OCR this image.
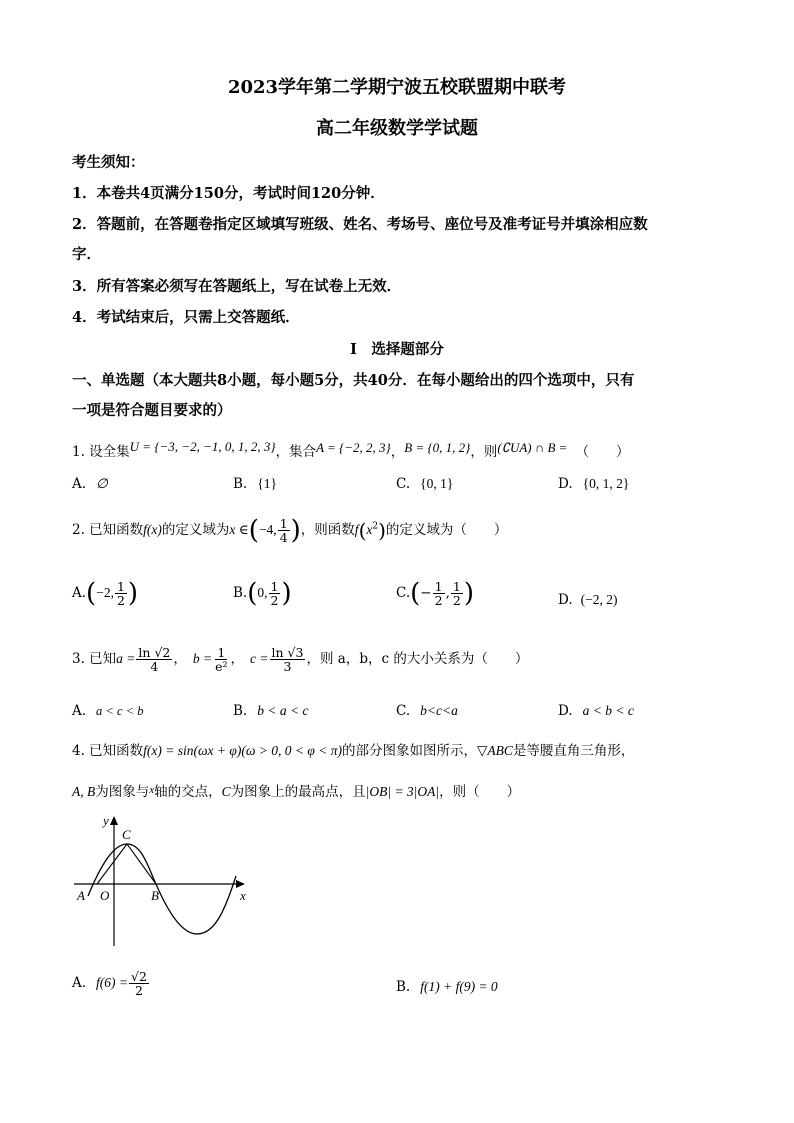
2023学年第二学期宁波五校联盟期中联考
高二年级数学学试题
考生须知：
1．本卷共4页满分150分，考试时间120分钟．
2．答题前，在答题卷指定区域填写班级、姓名、考场号、座位号及准考证号并填涂相应数
字．
3．所有答案必须写在答题纸上，写在试卷上无效．
4．考试结束后，只需上交答题纸．
I　选择题部分
一、单选题（本大题共8小题，每小题5分，共40分．在每小题给出的四个选项中，只有
一项是符合题目要求的）
1. 设全集U = {−3, −2, −1, 0, 1, 2, 3}，集合A = {−2, 2, 3}，B = {0, 1, 2}，则(∁UA) ∩ B = （　　）
A. ∅	B. {1}	C. {0, 1}	D. {0, 1, 2}
2. 已知函数f(x)的定义域为x ∈(−4, $\frac{1}{4}$ )，则函数$f(x^2)$的定义域为（　　）
A.(−2, $\frac{1}{2}$ )	B.(0, $\frac{1}{2}$ )	$C.(- \frac{1}{2}$ , $\frac{1}{2}$ )	D. (−2, 2)
3. 已知$a = \frac{\ln √2}{4}$ ， $b = \frac{1}{\text{e²}}$ ， $c = \frac{\ln √3}{3}$ ，则 a，b，c 的大小关系为（　　）
A. a < c < b	B. b < a < c	C. b<c<a	D. a < b < c
4. 已知函数f(x) = sin(ωx + φ)(ω > 0, 0 < φ < π)的部分图象如图所示，▽ABC是等腰直角三角形，
A, B为图象与$^x$轴的交点，C为图象上的最高点，且|OB| = 3|OA|，则（　　）
y
C
A O	B	x
A. $f(6) = \frac{√2}{2}$	B. f(1) + f(9) = 0
